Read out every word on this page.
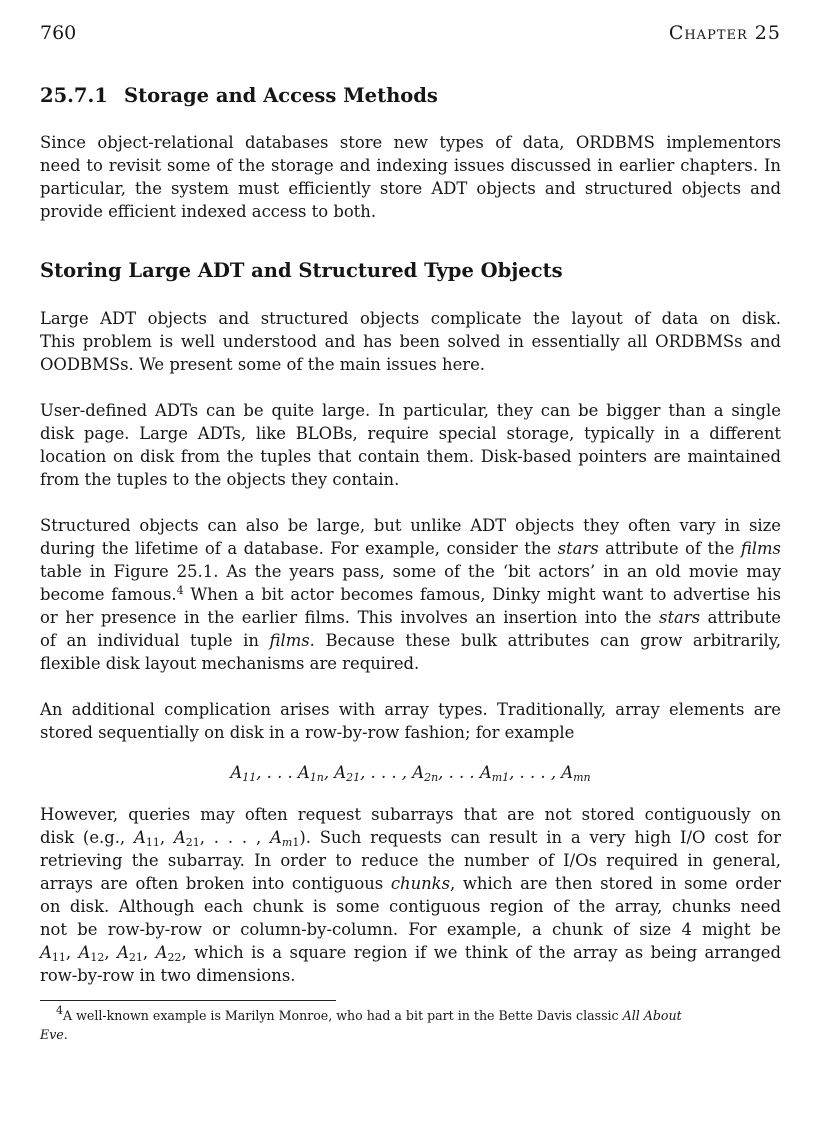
760	Chapter 25
25.7.1 Storage and Access Methods

Since object-relational databases store new types of data, ORDBMS implementors
need to revisit some of the storage and indexing issues discussed in earlier chapters. In
particular, the system must efficiently store ADT objects and structured objects and
provide efficient indexed access to both.

Storing Large ADT and Structured Type Objects

Large ADT objects and structured objects complicate the layout of data on disk.
This problem is well understood and has been solved in essentially all ORDBMSs and
OODBMSs. We present some of the main issues here.

User-defined ADTs can be quite large. In particular, they can be bigger than a single
disk page. Large ADTs, like BLOBs, require special storage, typically in a different
location on disk from the tuples that contain them. Disk-based pointers are maintained
from the tuples to the objects they contain.

Structured objects can also be large, but unlike ADT objects they often vary in size
during the lifetime of a database. For example, consider the stars attribute of the films
table in Figure 25.1. As the years pass, some of the ‘bit actors’ in an old movie may
become famous.$^4$ When a bit actor becomes famous, Dinky might want to advertise his
or her presence in the earlier films. This involves an insertion into the stars attribute
of an individual tuple in films. Because these bulk attributes can grow arbitrarily,
flexible disk layout mechanisms are required.

An additional complication arises with array types. Traditionally, array elements are
stored sequentially on disk in a row-by-row fashion; for example

$A_{11}$, . . . $A_{1n}$, $A_{21}$, . . . , $A_{2n}$, . . . $A_{m1}$, . . . , $A_{mn}$

However, queries may often request subarrays that are not stored contiguously on
disk (e.g., $A_{11}$, $A_{21}$, . . . , $A_{m1}$). Such requests can result in a very high I/O cost for
retrieving the subarray. In order to reduce the number of I/Os required in general,
arrays are often broken into contiguous chunks, which are then stored in some order
on disk. Although each chunk is some contiguous region of the array, chunks need
not be row-by-row or column-by-column. For example, a chunk of size 4 might be
$A_{11}$, $A_{12}$, $A_{21}$, $A_{22}$, which is a square region if we think of the array as being arranged
row-by-row in two dimensions.

$^4$A well-known example is Marilyn Monroe, who had a bit part in the Bette Davis classic All About
Eve.
